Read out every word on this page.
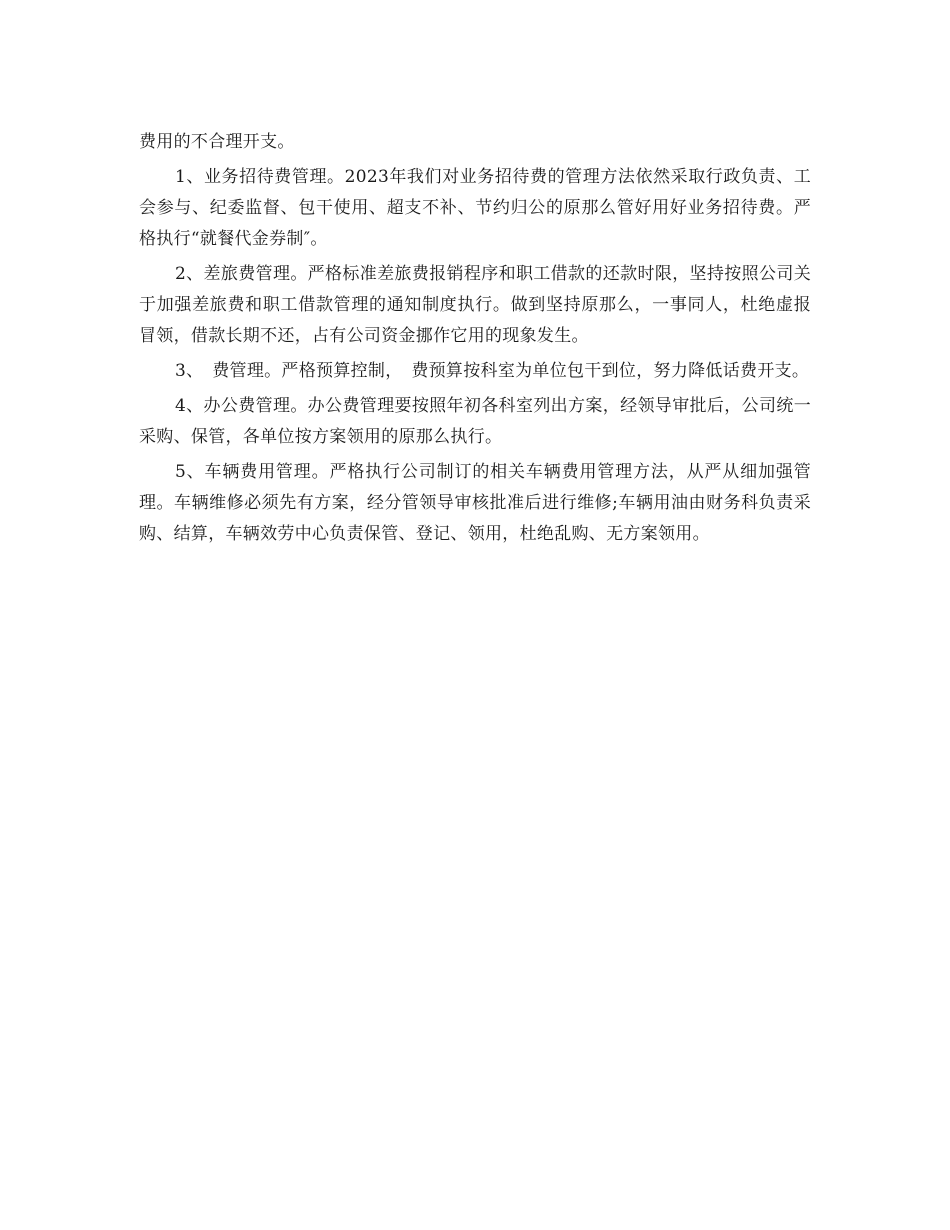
费用的不合理开支。

1、业务招待费管理。2023年我们对业务招待费的管理方法依然采取行政负责、工会参与、纪委监督、包干使用、超支不补、节约归公的原那么管好用好业务招待费。严格执行“就餐代金券制″。

2、差旅费管理。严格标准差旅费报销程序和职工借款的还款时限，坚持按照公司关于加强差旅费和职工借款管理的通知制度执行。做到坚持原那么，一事同人，杜绝虚报冒领，借款长期不还，占有公司资金挪作它用的现象发生。

3、　费管理。严格预算控制，　费预算按科室为单位包干到位，努力降低话费开支。

4、办公费管理。办公费管理要按照年初各科室列出方案，经领导审批后，公司统一采购、保管，各单位按方案领用的原那么执行。

5、车辆费用管理。严格执行公司制订的相关车辆费用管理方法，从严从细加强管理。车辆维修必须先有方案，经分管领导审核批准后进行维修;车辆用油由财务科负责采购、结算，车辆效劳中心负责保管、登记、领用，杜绝乱购、无方案领用。
